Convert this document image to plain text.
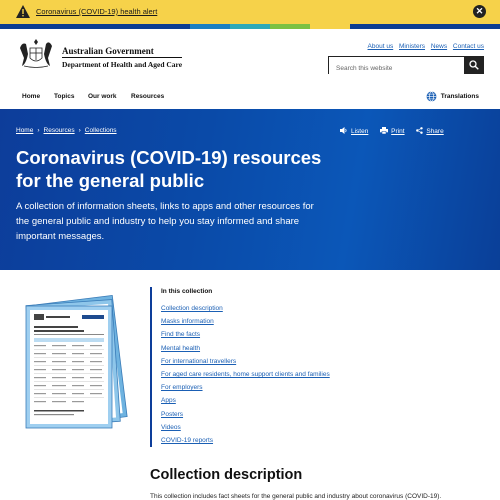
Coronavirus (COVID-19) health alert	✕
Australian Government
Department of Health and Aged Care
About us Ministers News Contact us
Search this website
Home Topics Our work Resources	Translations
Home › Resources › Collections	Listen	Print	Share
Coronavirus (COVID-19) resources for the general public

A collection of information sheets, links to apps and other resources for the general public and industry to help you stay informed and share important messages.

In this collection
Collection description
Masks information
Find the facts
Mental health
For international travellers
For aged care residents, home support clients and families
For employers
Apps
Posters
Videos
COVID-19 reports
Collection description

This collection includes fact sheets for the general public and industry about coronavirus (COVID-19).
